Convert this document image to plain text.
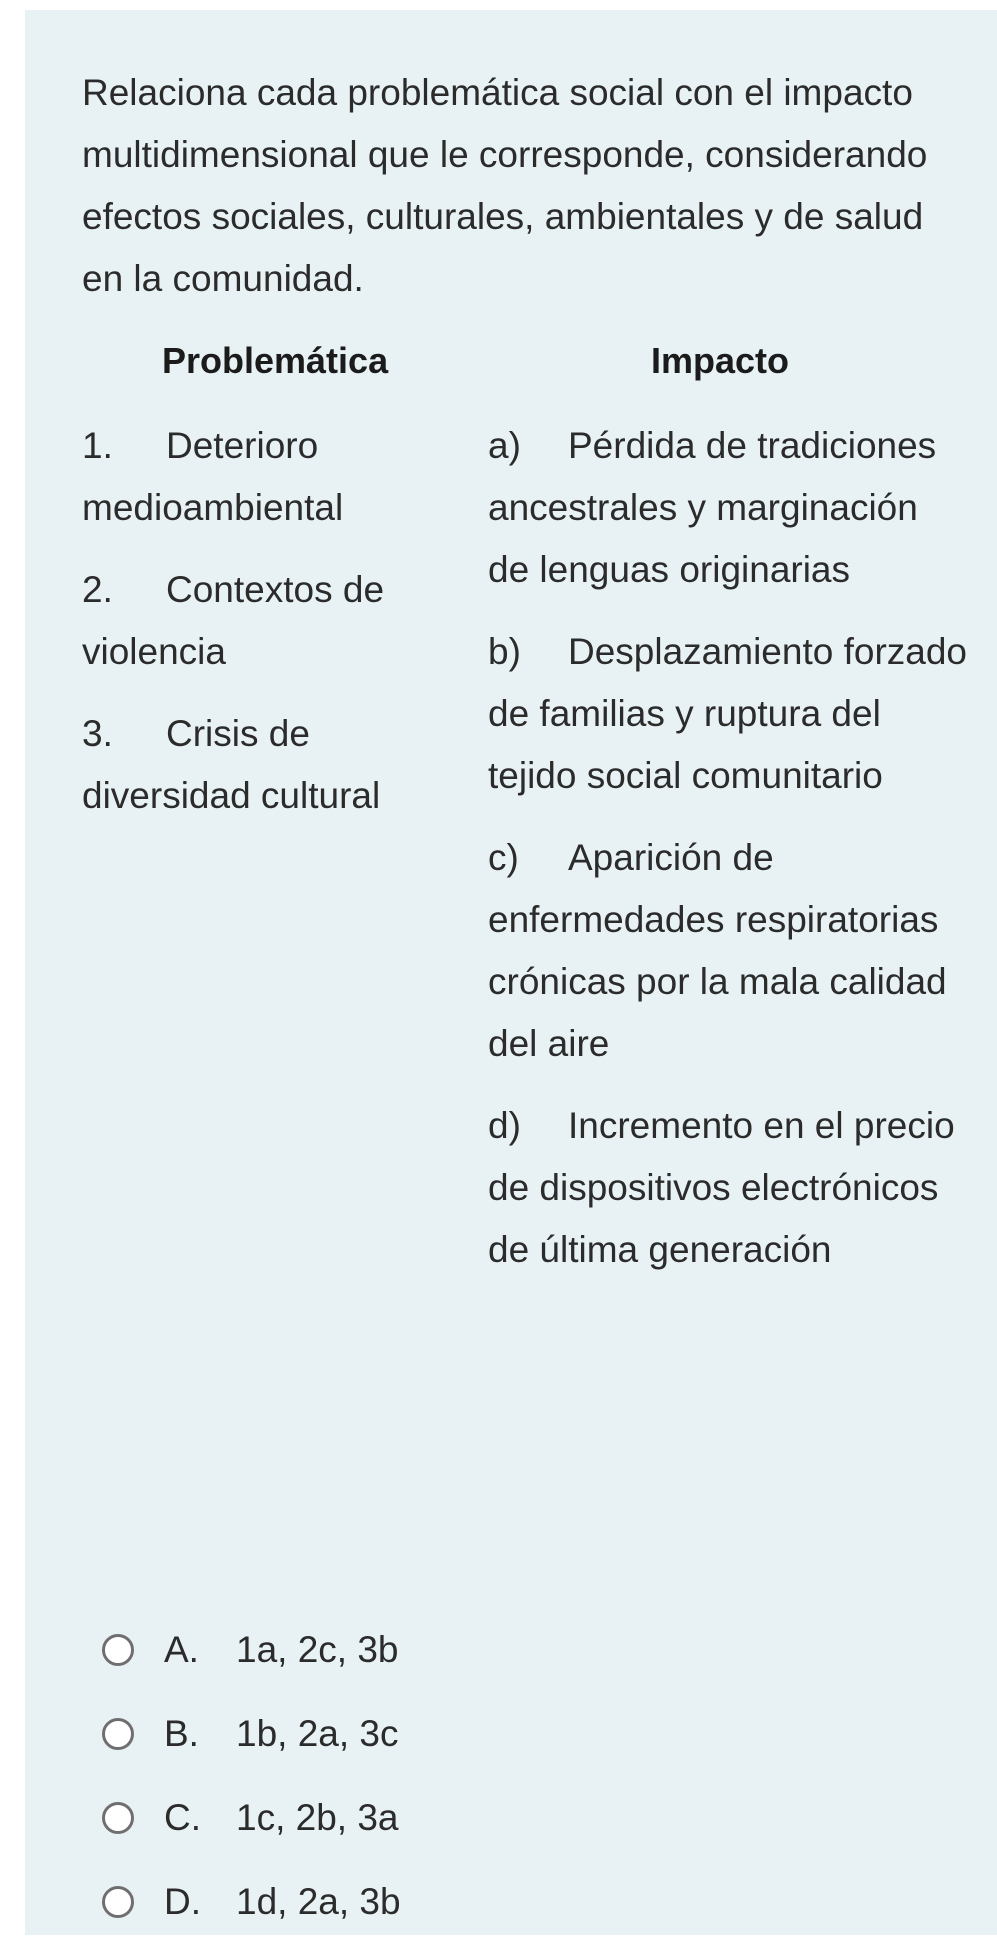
Relaciona cada problemática social con el impacto multidimensional que le corresponde, considerando efectos sociales, culturales, ambientales y de salud en la comunidad.

Problemática	Impacto
1. Deterioro medioambiental
2. Contextos de violencia
3. Crisis de diversidad cultural
a) Pérdida de tradiciones ancestrales y marginación de lenguas originarias
b) Desplazamiento forzado de familias y ruptura del tejido social comunitario
c) Aparición de enfermedades respiratorias crónicas por la mala calidad del aire
d) Incremento en el precio de dispositivos electrónicos de última generación
A.	1a, 2c, 3b
B.	1b, 2a, 3c
C. 1c, 2b, 3a
D. 1d, 2a, 3b
